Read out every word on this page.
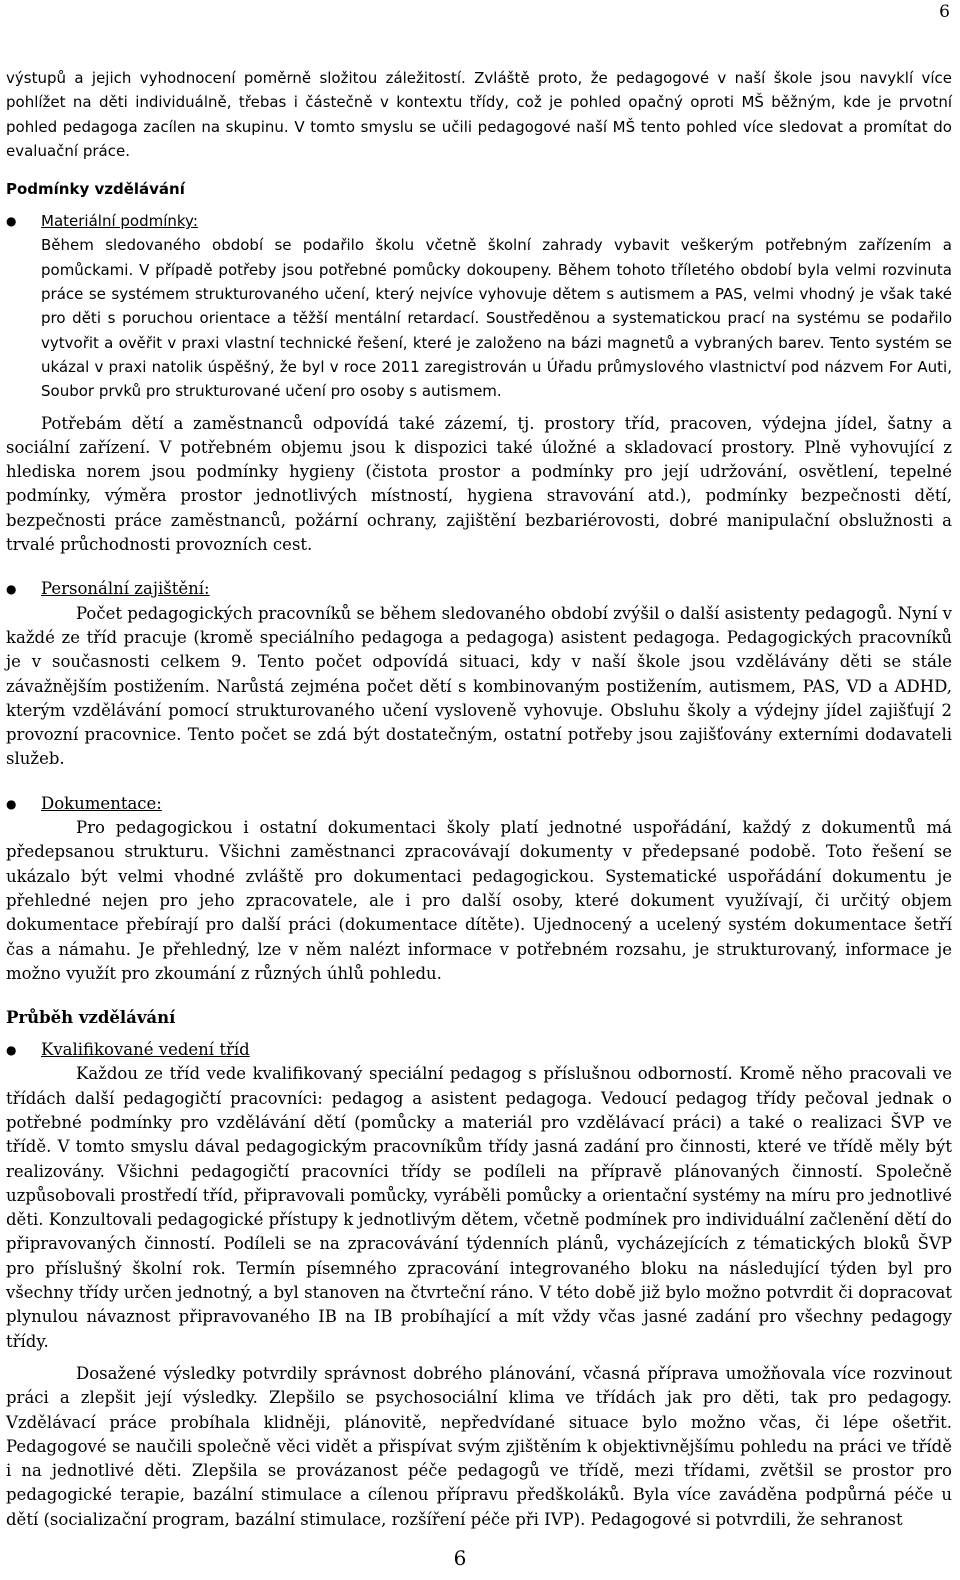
6

výstupů a jejich vyhodnocení poměrně složitou záležitostí. Zvláště proto, že pedagogové v naší škole jsou navyklí více pohlížet na děti individuálně, třebas i částečně v kontextu třídy, což je pohled opačný oproti MŠ běžným, kde je prvotní pohled pedagoga zacílen na skupinu. V tomto smyslu se učili pedagogové naší MŠ tento pohled více sledovat a promítat do evaluační práce.

Podmínky vzdělávání
● Materiální podmínky:

Během sledovaného období se podařilo školu včetně školní zahrady vybavit veškerým potřebným zařízením a pomůckami. V případě potřeby jsou potřebné pomůcky dokoupeny. Během tohoto tříletého období byla velmi rozvinuta práce se systémem strukturovaného učení, který nejvíce vyhovuje dětem s autismem a PAS, velmi vhodný je však také pro děti s poruchou orientace a těžší mentální retardací. Soustředěnou a systematickou prací na systému se podařilo vytvořit a ověřit v praxi vlastní technické řešení, které je založeno na bázi magnetů a vybraných barev. Tento systém se ukázal v praxi natolik úspěšný, že byl v roce 2011 zaregistrován u Úřadu průmyslového vlastnictví pod názvem For Auti, Soubor prvků pro strukturované učení pro osoby s autismem.

Potřebám dětí a zaměstnanců odpovídá také zázemí, tj. prostory tříd, pracoven, výdejna jídel, šatny a sociální zařízení. V potřebném objemu jsou k dispozici také úložné a skladovací prostory. Plně vyhovující z hlediska norem jsou podmínky hygieny (čistota prostor a podmínky pro její udržování, osvětlení, tepelné podmínky, výměra prostor jednotlivých místností, hygiena stravování atd.), podmínky bezpečnosti dětí, bezpečnosti práce zaměstnanců, požární ochrany, zajištění bezbariérovosti, dobré manipulační obslužnosti a trvalé průchodnosti provozních cest.

● Personální zajištění:

Počet pedagogických pracovníků se během sledovaného období zvýšil o další asistenty pedagogů. Nyní v každé ze tříd pracuje (kromě speciálního pedagoga a pedagoga) asistent pedagoga. Pedagogických pracovníků je v současnosti celkem 9. Tento počet odpovídá situaci, kdy v naší škole jsou vzdělávány děti se stále závažnějším postižením. Narůstá zejména počet dětí s kombinovaným postižením, autismem, PAS, VD a ADHD, kterým vzdělávání pomocí strukturovaného učení vysloveně vyhovuje. Obsluhu školy a výdejny jídel zajišťují 2 provozní pracovnice. Tento počet se zdá být dostatečným, ostatní potřeby jsou zajišťovány externími dodavateli služeb.

● Dokumentace:

Pro pedagogickou i ostatní dokumentaci školy platí jednotné uspořádání, každý z dokumentů má předepsanou strukturu. Všichni zaměstnanci zpracovávají dokumenty v předepsané podobě. Toto řešení se ukázalo být velmi vhodné zvláště pro dokumentaci pedagogickou. Systematické uspořádání dokumentu je přehledné nejen pro jeho zpracovatele, ale i pro další osoby, které dokument využívají, či určitý objem dokumentace přebírají pro další práci (dokumentace dítěte). Ujednocený a ucelený systém dokumentace šetří čas a námahu. Je přehledný, lze v něm nalézt informace v potřebném rozsahu, je strukturovaný, informace je možno využít pro zkoumání z různých úhlů pohledu.

Průběh vzdělávání
● Kvalifikované vedení tříd

Každou ze tříd vede kvalifikovaný speciální pedagog s příslušnou odborností. Kromě něho pracovali ve třídách další pedagogičtí pracovníci: pedagog a asistent pedagoga. Vedoucí pedagog třídy pečoval jednak o potřebné podmínky pro vzdělávání dětí (pomůcky a materiál pro vzdělávací práci) a také o realizaci ŠVP ve třídě. V tomto smyslu dával pedagogickým pracovníkům třídy jasná zadání pro činnosti, které ve třídě měly být realizovány. Všichni pedagogičtí pracovníci třídy se podíleli na přípravě plánovaných činností. Společně uzpůsobovali prostředí tříd, připravovali pomůcky, vyráběli pomůcky a orientační systémy na míru pro jednotlivé děti. Konzultovali pedagogické přístupy k jednotlivým dětem, včetně podmínek pro individuální začlenění dětí do připravovaných činností. Podíleli se na zpracovávání týdenních plánů, vycházejících z tématických bloků ŠVP pro příslušný školní rok. Termín písemného zpracování integrovaného bloku na následující týden byl pro všechny třídy určen jednotný, a byl stanoven na čtvrteční ráno. V této době již bylo možno potvrdit či dopracovat plynulou návaznost připravovaného IB na IB probíhající a mít vždy včas jasné zadání pro všechny pedagogy třídy.

Dosažené výsledky potvrdily správnost dobrého plánování, včasná příprava umožňovala více rozvinout práci a zlepšit její výsledky. Zlepšilo se psychosociální klima ve třídách jak pro děti, tak pro pedagogy. Vzdělávací práce probíhala klidněji, plánovitě, nepředvídané situace bylo možno včas, či lépe ošetřit. Pedagogové se naučili společně věci vidět a přispívat svým zjištěním k objektivnějšímu pohledu na práci ve třídě i na jednotlivé děti. Zlepšila se provázanost péče pedagogů ve třídě, mezi třídami, zvětšil se prostor pro pedagogické terapie, bazální stimulace a cílenou přípravu předškoláků. Byla více zaváděna podpůrná péče u dětí (socializační program, bazální stimulace, rozšíření péče při IVP). Pedagogové si potvrdili, že sehranost

6
